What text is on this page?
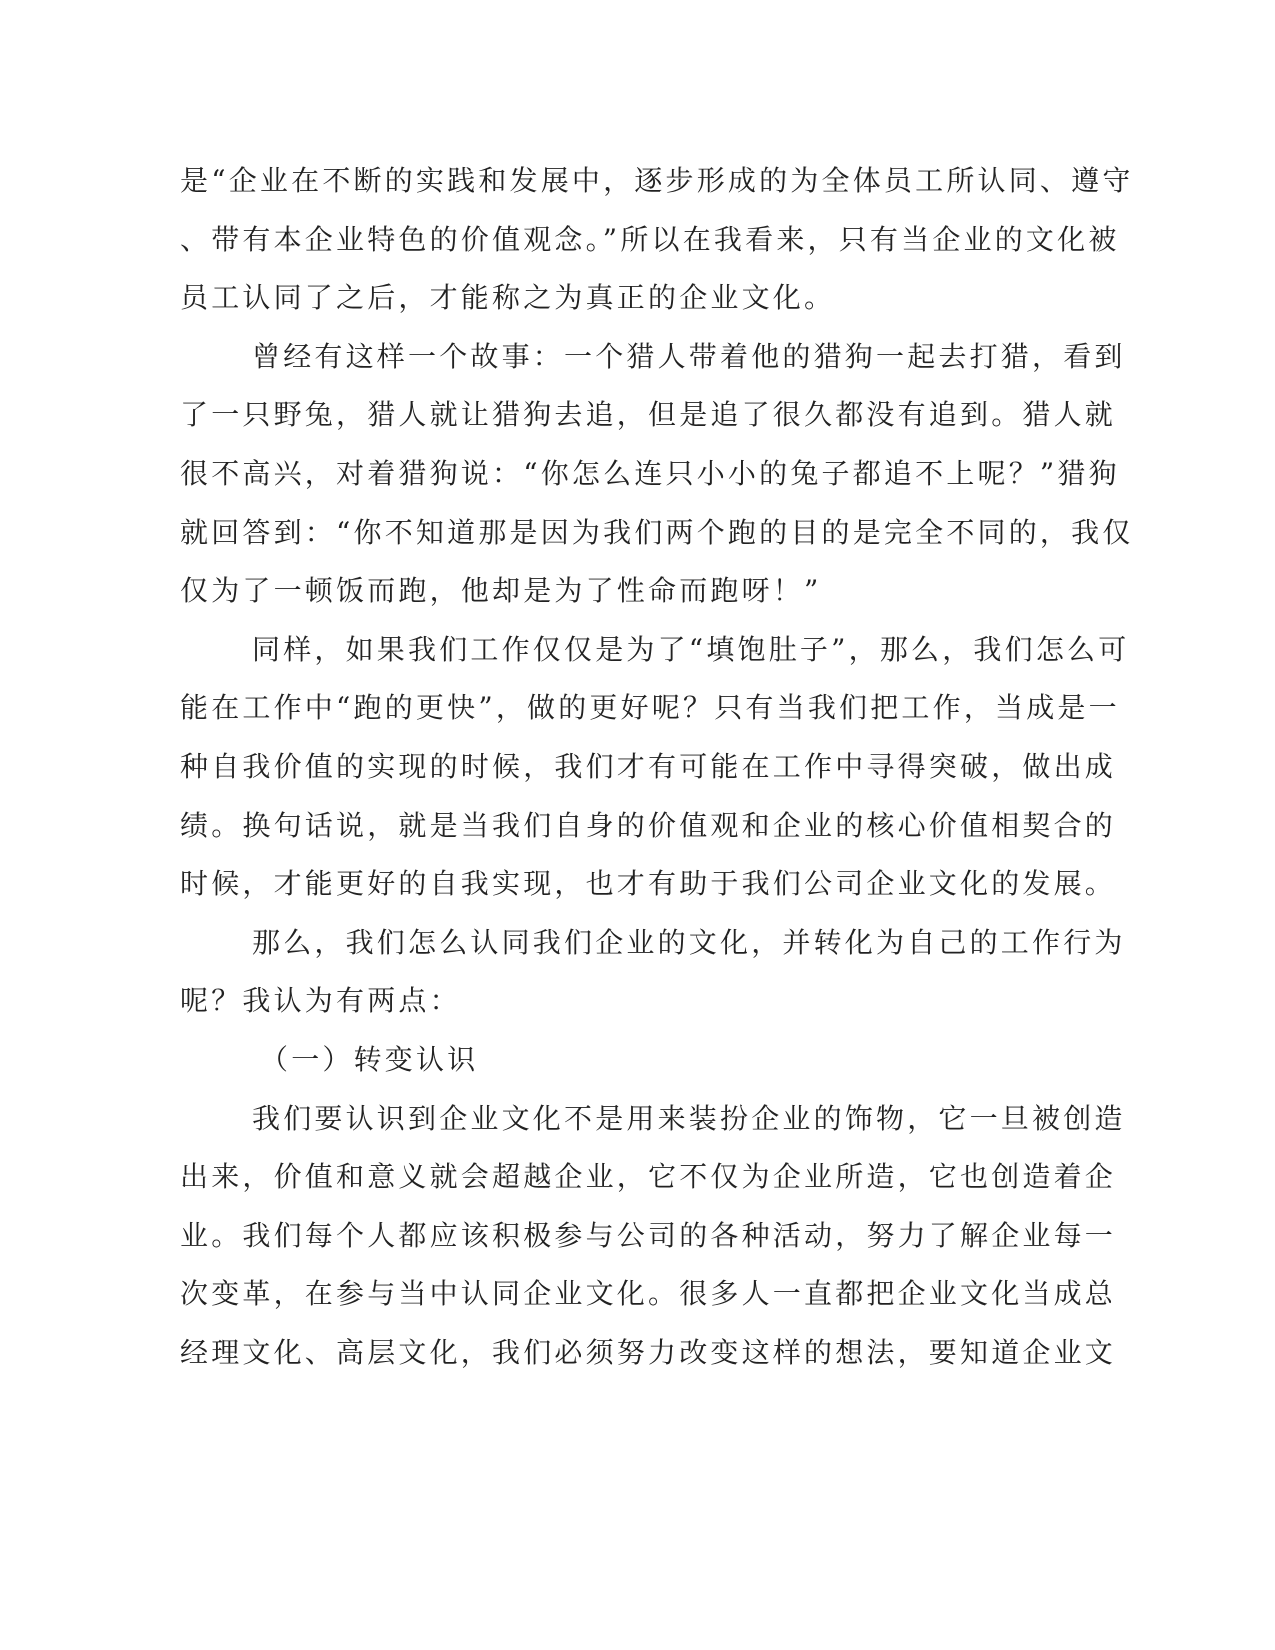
是“企业在不断的实践和发展中，逐步形成的为全体员工所认同、遵守
、带有本企业特色的价值观念。”所以在我看来，只有当企业的文化被
员工认同了之后，才能称之为真正的企业文化。
曾经有这样一个故事：一个猎人带着他的猎狗一起去打猎，看到
了一只野兔，猎人就让猎狗去追，但是追了很久都没有追到。猎人就
很不高兴，对着猎狗说：“你怎么连只小小的兔子都追不上呢？”猎狗
就回答到：“你不知道那是因为我们两个跑的目的是完全不同的，我仅
仅为了一顿饭而跑，他却是为了性命而跑呀！”
同样，如果我们工作仅仅是为了“填饱肚子”，那么，我们怎么可
能在工作中“跑的更快”，做的更好呢？只有当我们把工作，当成是一
种自我价值的实现的时候，我们才有可能在工作中寻得突破，做出成
绩。换句话说，就是当我们自身的价值观和企业的核心价值相契合的
时候，才能更好的自我实现，也才有助于我们公司企业文化的发展。
那么，我们怎么认同我们企业的文化，并转化为自己的工作行为
呢？我认为有两点：
（一）转变认识
我们要认识到企业文化不是用来装扮企业的饰物，它一旦被创造
出来，价值和意义就会超越企业，它不仅为企业所造，它也创造着企
业。我们每个人都应该积极参与公司的各种活动，努力了解企业每一
次变革，在参与当中认同企业文化。很多人一直都把企业文化当成总
经理文化、高层文化，我们必须努力改变这样的想法，要知道企业文
